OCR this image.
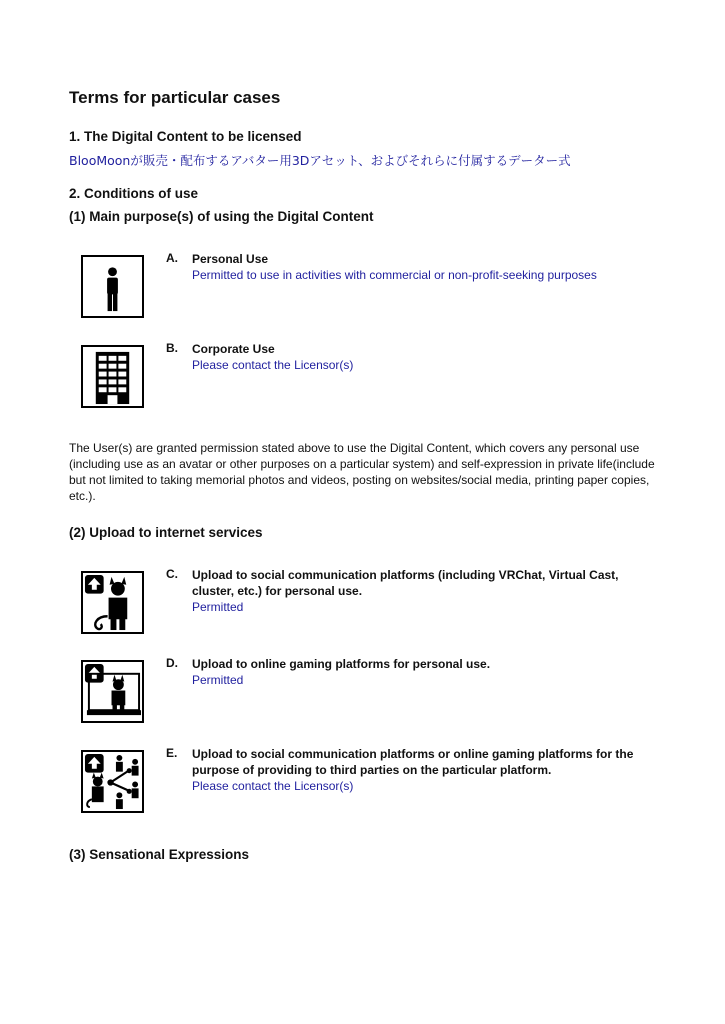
Terms for particular cases
1. The Digital Content to be licensed
BlooMoonが販売・配布するアバター用3Dアセット、およびそれらに付属するデーター式
2. Conditions of use
(1) Main purpose(s) of using the Digital Content
A. Personal Use
Permitted to use in activities with commercial or non-profit-seeking purposes
B. Corporate Use
Please contact the Licensor(s)
The User(s) are granted permission stated above to use the Digital Content, which covers any personal use (including use as an avatar or other purposes on a particular system) and self-expression in private life(include but not limited to taking memorial photos and videos, posting on websites/social media, printing paper copies, etc.).
(2) Upload to internet services
C. Upload to social communication platforms (including VRChat, Virtual Cast, cluster, etc.) for personal use.
Permitted
D. Upload to online gaming platforms for personal use.
Permitted
E. Upload to social communication platforms or online gaming platforms for the purpose of providing to third parties on the particular platform.
Please contact the Licensor(s)
(3) Sensational Expressions
